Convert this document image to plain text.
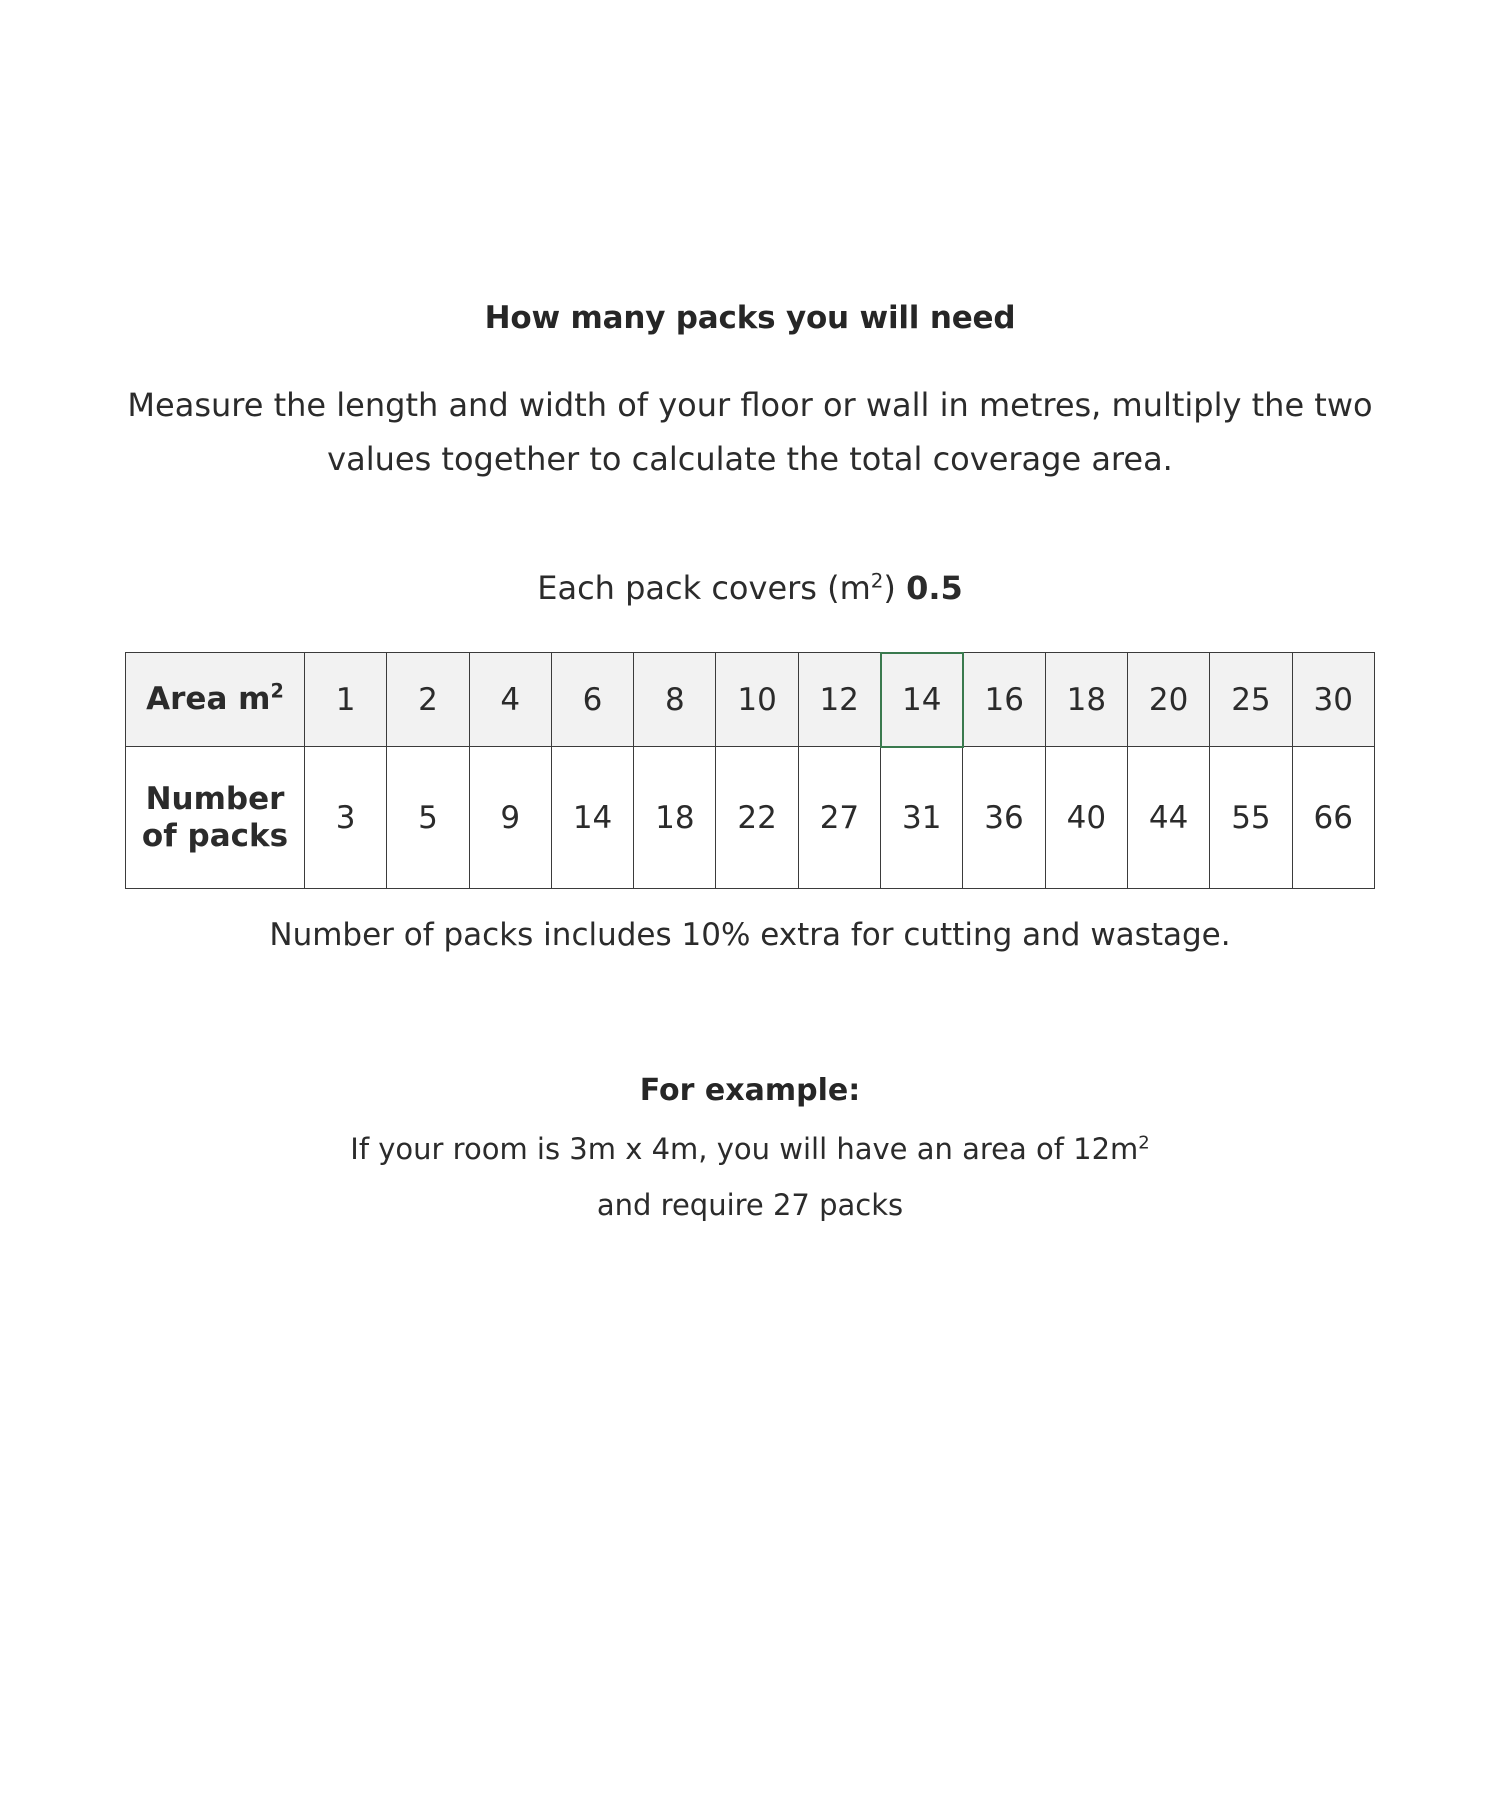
How many packs you will need
Measure the length and width of your floor or wall in metres, multiply the two values together to calculate the total coverage area.
Each pack covers $(m^2)$ 0.5
Area $m^2$	1	2	4	6	8	10	12	14	16	18	20	25	30
Number
of packs	3	5	9	14	18	22	27	31	36	40	44	55	66
Number of packs includes 10% extra for cutting and wastage.
For example:
If your room is 3m x 4m, you will have an area of $12m^2$
and require 27 packs
